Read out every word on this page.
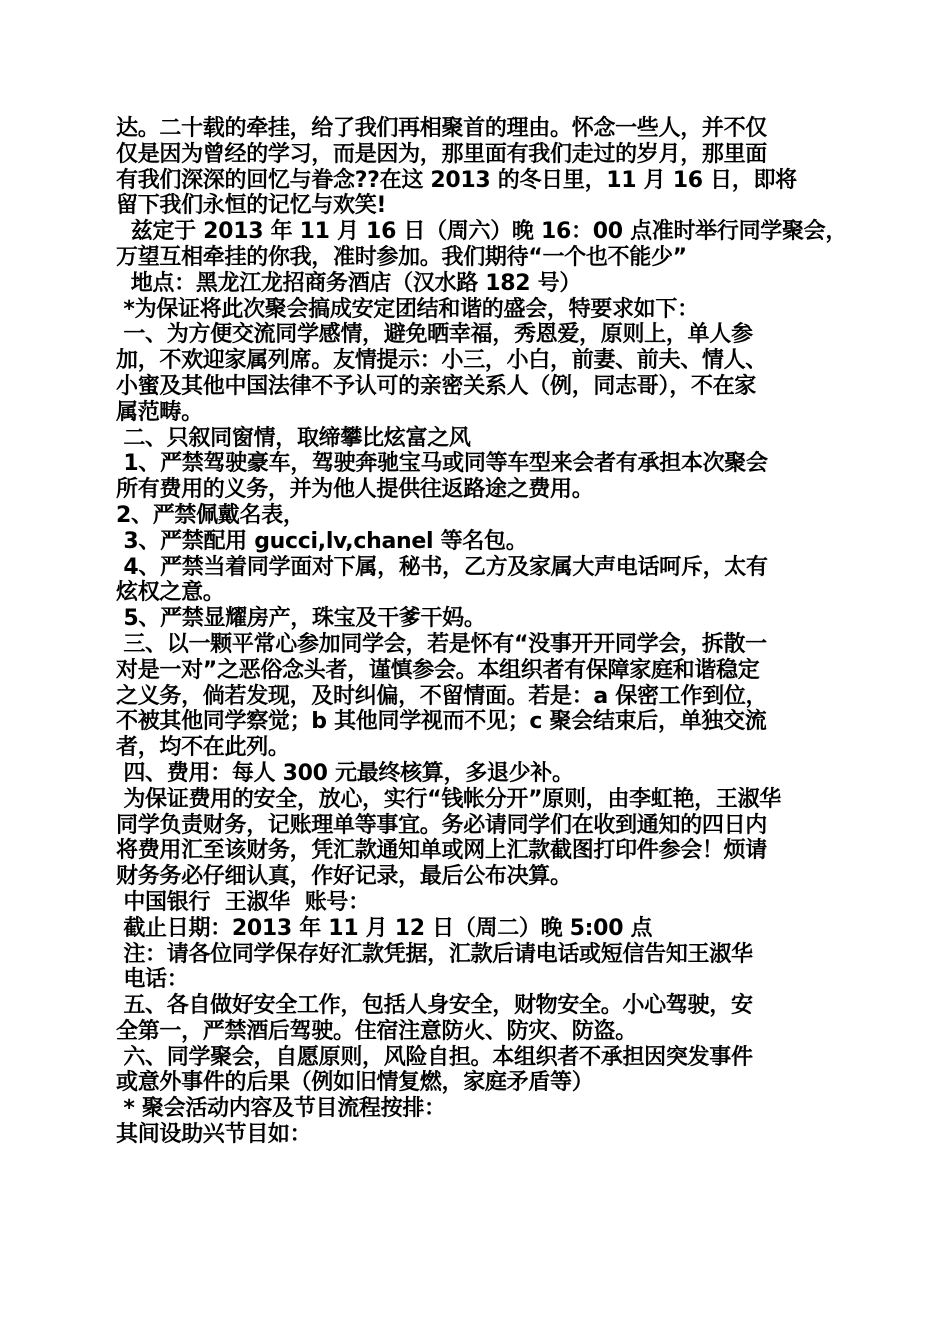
达。二十载的牵挂，给了我们再相聚首的理由。怀念一些人，并不仅
仅是因为曾经的学习，而是因为，那里面有我们走过的岁月，那里面
有我们深深的回忆与眷念??在这 2013 的冬日里，11 月 16 日，即将
留下我们永恒的记忆与欢笑!
兹定于 2013 年 11 月 16 日（周六）晚 16：00 点准时举行同学聚会，
万望互相牵挂的你我，准时参加。我们期待“一个也不能少”
地点：黑龙江龙招商务酒店（汉水路 182 号）
*为保证将此次聚会搞成安定团结和谐的盛会，特要求如下：
一、为方便交流同学感情，避免晒幸福，秀恩爱，原则上，单人参
加，不欢迎家属列席。友情提示：小三，小白，前妻、前夫、情人、
小蜜及其他中国法律不予认可的亲密关系人（例，同志哥），不在家
属范畴。
二、只叙同窗情，取缔攀比炫富之风
1、严禁驾驶豪车，驾驶奔驰宝马或同等车型来会者有承担本次聚会
所有费用的义务，并为他人提供往返路途之费用。
2、严禁佩戴名表，
3、严禁配用 gucci,lv,chanel 等名包。
4、严禁当着同学面对下属，秘书，乙方及家属大声电话呵斥，太有
炫权之意。
5、严禁显耀房产，珠宝及干爹干妈。
三、以一颗平常心参加同学会，若是怀有“没事开开同学会，拆散一
对是一对”之恶俗念头者，谨慎参会。本组织者有保障家庭和谐稳定
之义务，倘若发现，及时纠偏，不留情面。若是：a 保密工作到位，
不被其他同学察觉；b 其他同学视而不见；c 聚会结束后，单独交流
者，均不在此列。
四、费用：每人 300 元最终核算，多退少补。
为保证费用的安全，放心，实行“钱帐分开”原则，由李虹艳，王淑华
同学负责财务，记账理单等事宜。务必请同学们在收到通知的四日内
将费用汇至该财务，凭汇款通知单或网上汇款截图打印件参会！烦请
财务务必仔细认真，作好记录，最后公布决算。
中国银行  王淑华  账号：
截止日期：2013 年 11 月 12 日（周二）晚 5:00 点
注：请各位同学保存好汇款凭据，汇款后请电话或短信告知王淑华
电话：
五、各自做好安全工作，包括人身安全，财物安全。小心驾驶，安
全第一，严禁酒后驾驶。住宿注意防火、防灾、防盗。
六、同学聚会，自愿原则，风险自担。本组织者不承担因突发事件
或意外事件的后果（例如旧情复燃，家庭矛盾等）
* 聚会活动内容及节目流程按排：
其间设助兴节目如：
